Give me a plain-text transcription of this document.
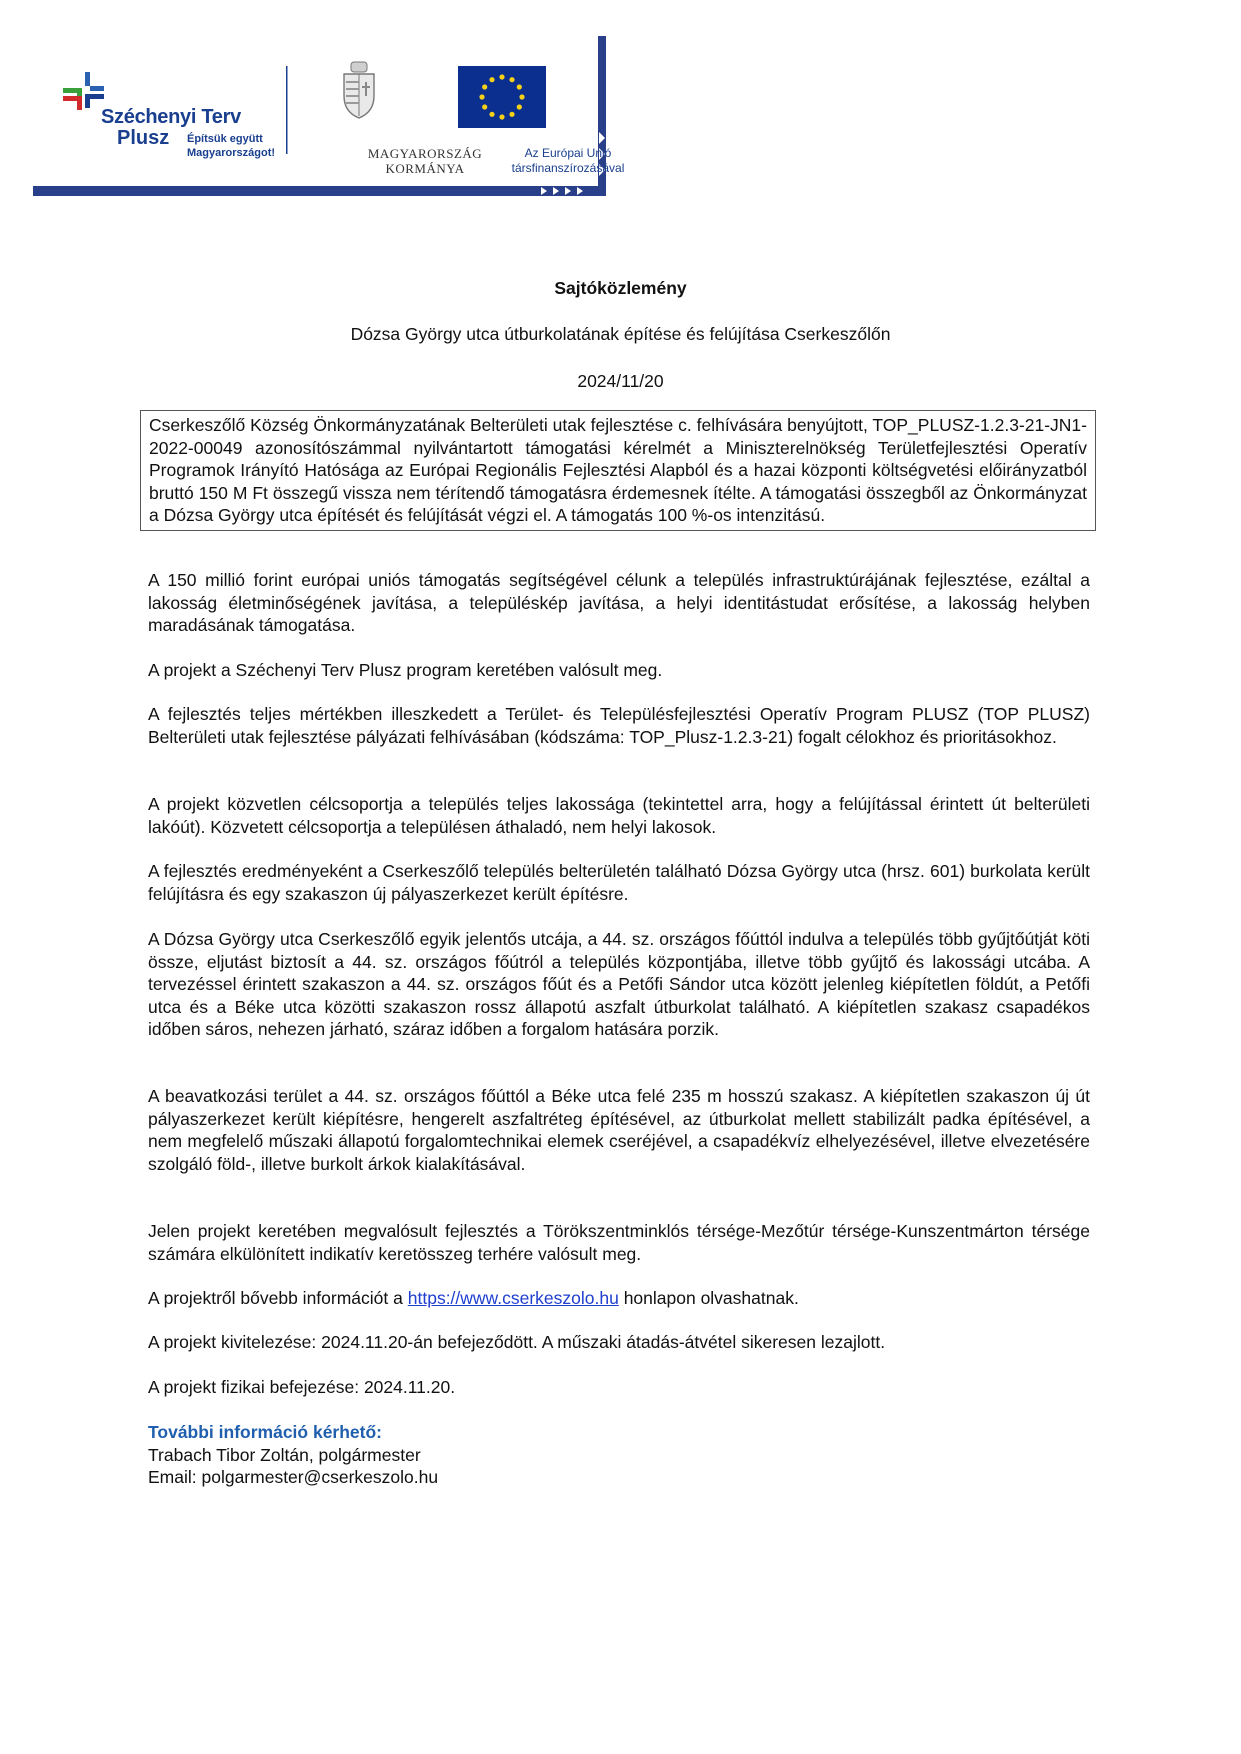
Széchenyi Terv
Plusz Építsük együtt Magyarországot!	MAGYARORSZÁG
KORMÁNYA
Az Európai Unió
társfinanszírozásával
Sajtóközlemény
Dózsa György utca útburkolatának építése és felújítása Cserkeszőlőn
2024/11/20

Cserkeszőlő Község Önkormányzatának Belterületi utak fejlesztése c. felhívására benyújtott, TOP_PLUSZ-1.2.3-21-JN1-2022-00049 azonosítószámmal nyilvántartott támogatási kérelmét a Miniszterelnökség Területfejlesztési Operatív Programok Irányító Hatósága az Európai Regionális Fejlesztési Alapból és a hazai központi költségvetési előirányzatból bruttó 150 M Ft összegű vissza nem térítendő támogatásra érdemesnek ítélte. A támogatási összegből az Önkormányzat a Dózsa György utca építését és felújítását végzi el. A támogatás 100 %-os intenzitású.

A 150 millió forint európai uniós támogatás segítségével célunk a település infrastruktúrájának fejlesztése, ezáltal a lakosság életminőségének javítása, a településkép javítása, a helyi identitástudat erősítése, a lakosság helyben maradásának támogatása.
A projekt a Széchenyi Terv Plusz program keretében valósult meg.
A fejlesztés teljes mértékben illeszkedett a Terület- és Településfejlesztési Operatív Program PLUSZ (TOP PLUSZ) Belterületi utak fejlesztése pályázati felhívásában (kódszáma: TOP_Plusz-1.2.3-21) fogalt célokhoz és prioritásokhoz.
A projekt közvetlen célcsoportja a település teljes lakossága (tekintettel arra, hogy a felújítással érintett út belterületi lakóút). Közvetett célcsoportja a településen áthaladó, nem helyi lakosok.
A fejlesztés eredményeként a Cserkeszőlő település belterületén található Dózsa György utca (hrsz. 601) burkolata került felújításra és egy szakaszon új pályaszerkezet került építésre.
A Dózsa György utca Cserkeszőlő egyik jelentős utcája, a 44. sz. országos főúttól indulva a település több gyűjtőútját köti össze, eljutást biztosít a 44. sz. országos főútról a település központjába, illetve több gyűjtő és lakossági utcába. A tervezéssel érintett szakaszon a 44. sz. országos főút és a Petőfi Sándor utca között jelenleg kiépítetlen földút, a Petőfi utca és a Béke utca közötti szakaszon rossz állapotú aszfalt útburkolat található. A kiépítetlen szakasz csapadékos időben sáros, nehezen járható, száraz időben a forgalom hatására porzik.
A beavatkozási terület a 44. sz. országos főúttól a Béke utca felé 235 m hosszú szakasz. A kiépítetlen szakaszon új út pályaszerkezet került kiépítésre, hengerelt aszfaltréteg építésével, az útburkolat mellett stabilizált padka építésével, a nem megfelelő műszaki állapotú forgalomtechnikai elemek cseréjével, a csapadékvíz elhelyezésével, illetve elvezetésére szolgáló föld-, illetve burkolt árkok kialakításával.
Jelen projekt keretében megvalósult fejlesztés a Törökszentminklós térsége-Mezőtúr térsége-Kunszentmárton térsége számára elkülönített indikatív keretösszeg terhére valósult meg.
A projektről bővebb információt a https://www.cserkeszolo.hu honlapon olvashatnak.
A projekt kivitelezése: 2024.11.20-án befejeződött. A műszaki átadás-átvétel sikeresen lezajlott.
A projekt fizikai befejezése: 2024.11.20.
További információ kérhető:
Trabach Tibor Zoltán, polgármester
Email: polgarmester@cserkeszolo.hu
